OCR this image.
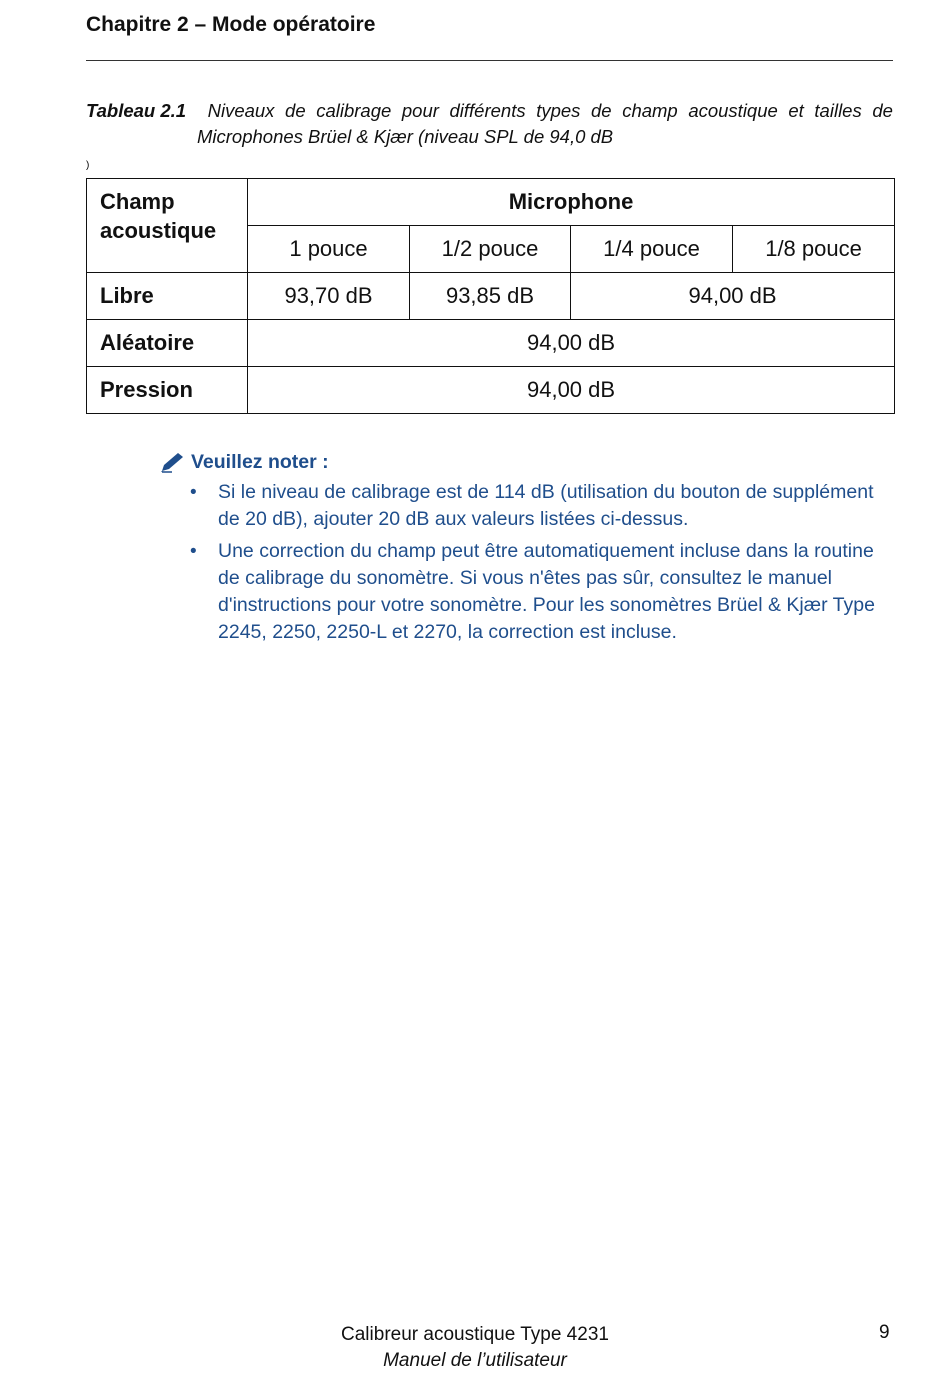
Chapitre 2 – Mode opératoire
Tableau 2.1	Niveaux de calibrage pour différents types de champ acoustique et tailles de
Microphones Brüel & Kjær (niveau SPL de 94,0 dB
)
Champ
acoustique	Microphone			
	1 pouce	1/2 pouce	1/4 pouce	1/8 pouce
Libre	93,70 dB	93,85 dB	94,00 dB	
Aléatoire	94,00 dB			
Pression	94,00 dB			
Veuillez noter :
• Si le niveau de calibrage est de 114 dB (utilisation du bouton de supplément de 20 dB), ajouter 20 dB aux valeurs listées ci-dessus.
• Une correction du champ peut être automatiquement incluse dans la routine de calibrage du sonomètre. Si vous n'êtes pas sûr, consultez le manuel d'instructions pour votre sonomètre. Pour les sonomètres Brüel & Kjær Type 2245, 2250, 2250-L et 2270, la correction est incluse.
Calibreur acoustique Type 4231
Manuel de l’utilisateur
9
